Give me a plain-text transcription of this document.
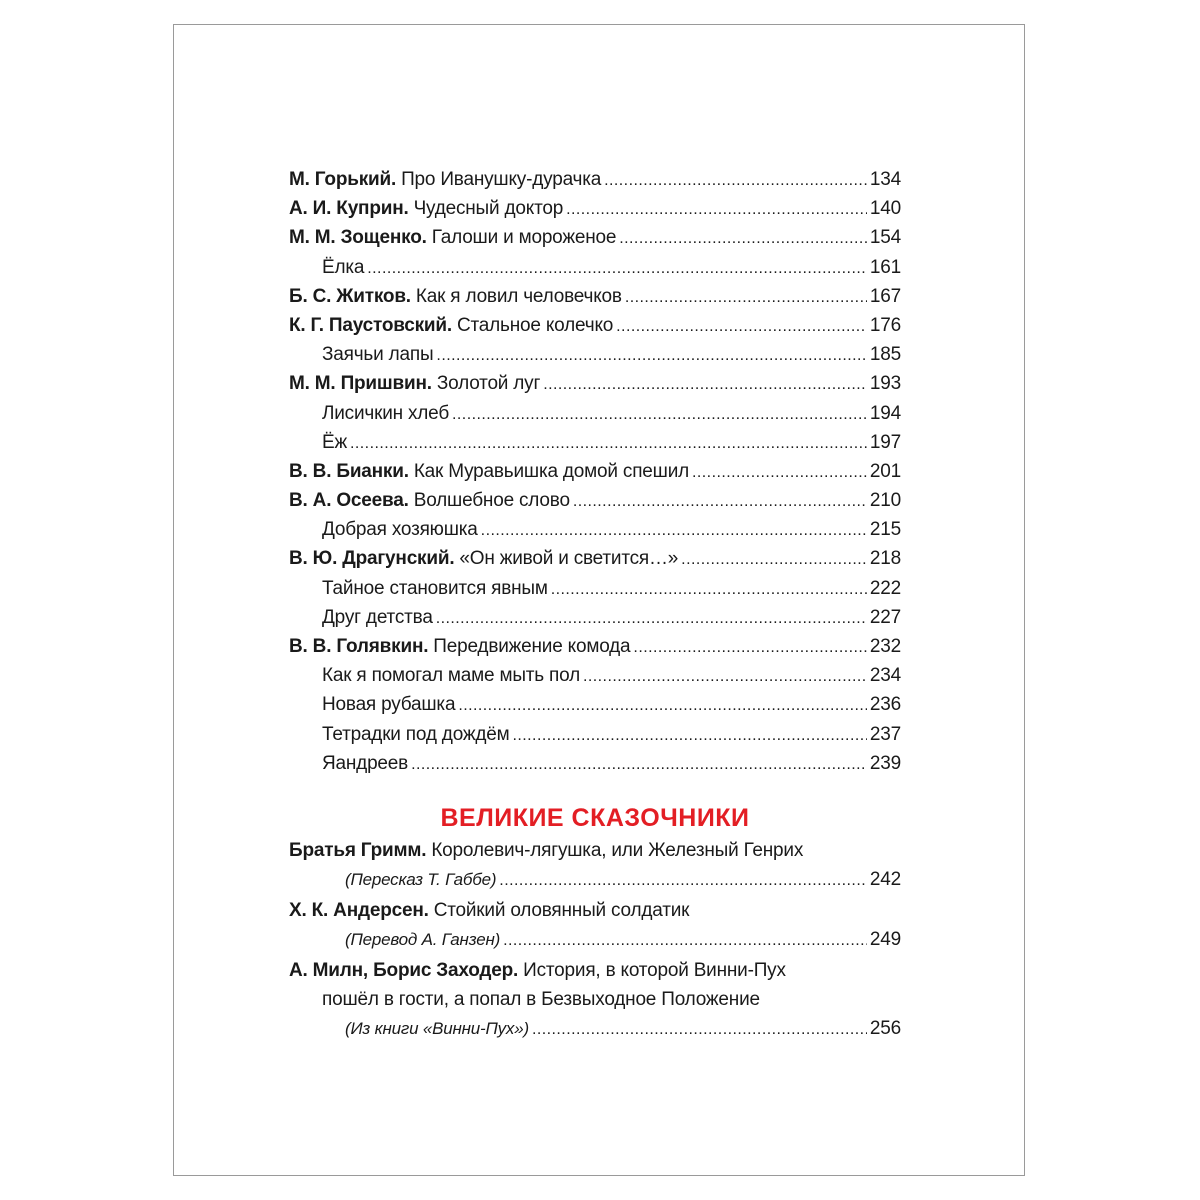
М. Горький. Про Иванушку-дурачка . . .	134
А. И. Куприн. Чудесный доктор . . .	140
М. М. Зощенко. Галоши и мороженое . . .	154
Ёлка . . .	161
Б. С. Житков. Как я ловил человечков . . .	167
К. Г. Паустовский. Стальное колечко . . .	176
Заячьи лапы . . .	185
М. М. Пришвин. Золотой луг . . .	193
Лисичкин хлеб . . .	194
Ёж . . .	197
В. В. Бианки. Как Муравьишка домой спешил . . .	201
В. А. Осеева. Волшебное слово . . .	210
Добрая хозяюшка . . .	215
В. Ю. Драгунский. «Он живой и светится…» . . .	218
Тайное становится явным . . .	222
Друг детства . . .	227
В. В. Голявкин. Передвижение комода . . .	232
Как я помогал маме мыть пол . . .	234
Новая рубашка . . .	236
Тетрадки под дождём . . .	237
Яандреев . . .	239
ВЕЛИКИЕ СКАЗОЧНИКИ
Братья Гримм. Королевич-лягушка, или Железный Генрих
(Пересказ Т. Габбе) . . .	242
Х. К. Андерсен. Стойкий оловянный солдатик
(Перевод А. Ганзен) . . .	249
А. Милн, Борис Заходер. История, в которой Винни-Пух
пошёл в гости, а попал в Безвыходное Положение
(Из книги «Винни-Пух») . . .	256
